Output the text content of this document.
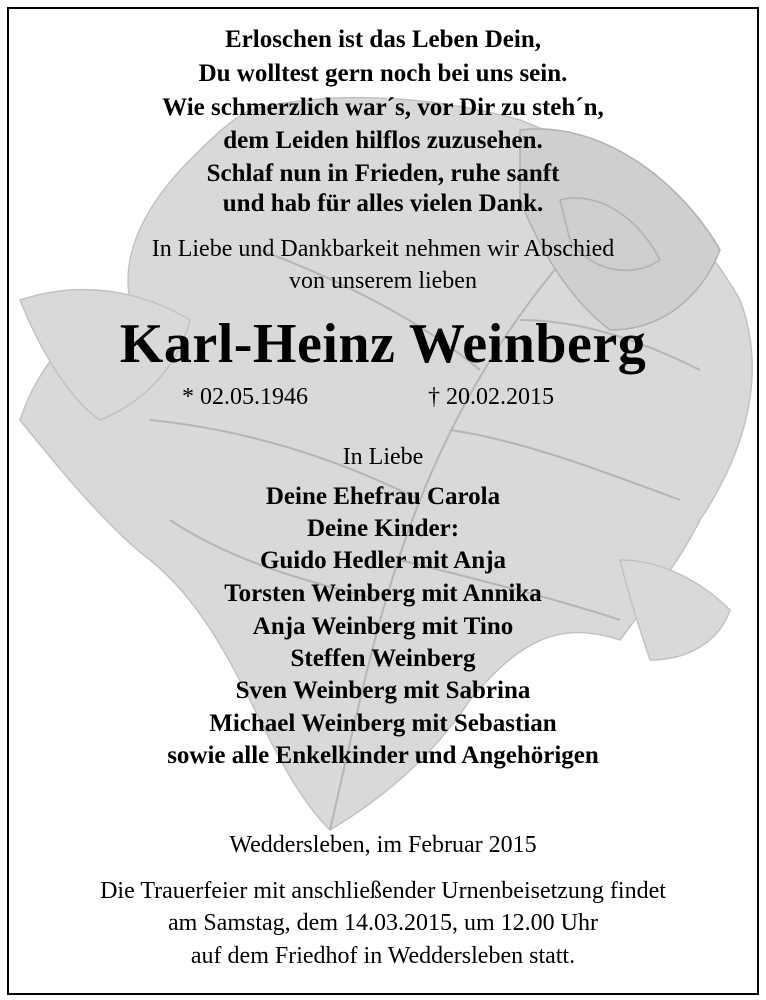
Erloschen ist das Leben Dein,
Du wolltest gern noch bei uns sein.
Wie schmerzlich war´s, vor Dir zu steh´n,
dem Leiden hilflos zuzusehen.
Schlaf nun in Frieden, ruhe sanft
und hab für alles vielen Dank.
In Liebe und Dankbarkeit nehmen wir Abschied
von unserem lieben
Karl-Heinz Weinberg
* 02.05.1946	† 20.02.2015
In Liebe
Deine Ehefrau Carola
Deine Kinder:
Guido Hedler mit Anja
Torsten Weinberg mit Annika
Anja Weinberg mit Tino
Steffen Weinberg
Sven Weinberg mit Sabrina
Michael Weinberg mit Sebastian
sowie alle Enkelkinder und Angehörigen
Weddersleben, im Februar 2015
Die Trauerfeier mit anschließender Urnenbeisetzung findet
am Samstag, dem 14.03.2015, um 12.00 Uhr
auf dem Friedhof in Weddersleben statt.
